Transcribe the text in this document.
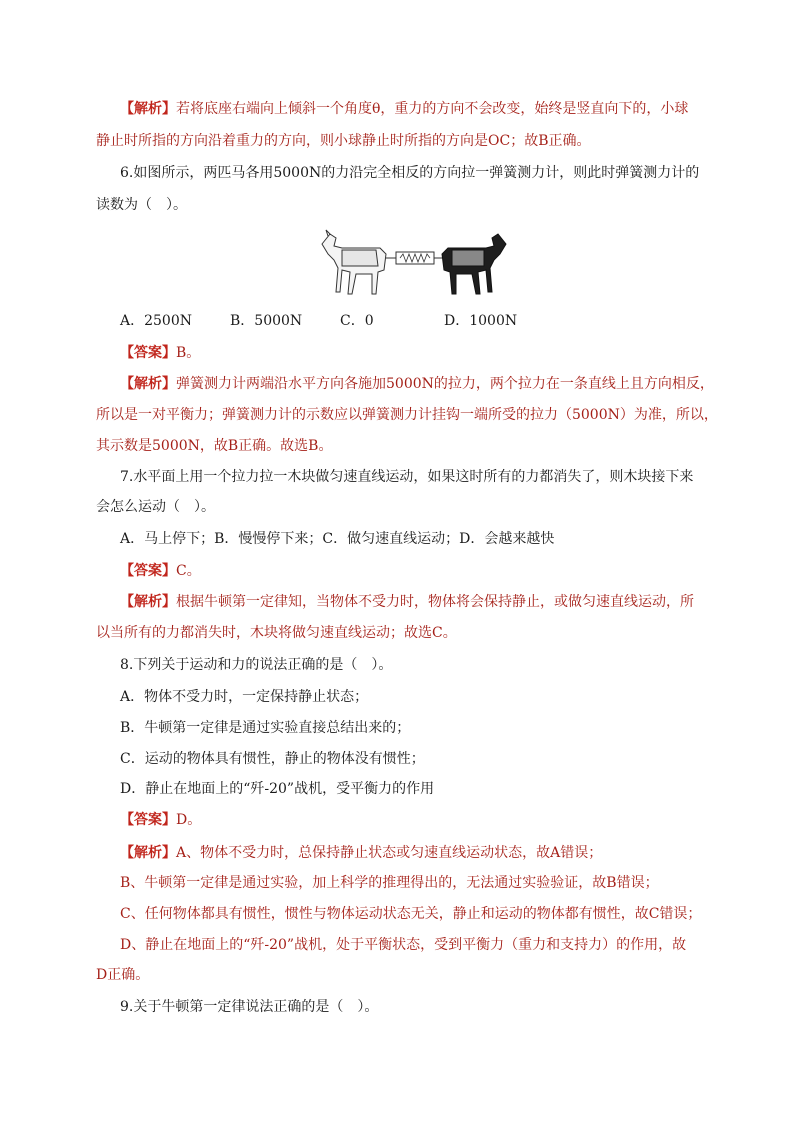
【解析】若将底座右端向上倾斜一个角度θ，重力的方向不会改变，始终是竖直向下的，小球
静止时所指的方向沿着重力的方向，则小球静止时所指的方向是OC；故B正确。
6.如图所示，两匹马各用5000N的力沿完全相反的方向拉一弹簧测力计，则此时弹簧测力计的
读数为（　）。
A．2500N	B．5000N	C．0	D．1000N
【答案】B。
【解析】弹簧测力计两端沿水平方向各施加5000N的拉力，两个拉力在一条直线上且方向相反，
所以是一对平衡力；弹簧测力计的示数应以弹簧测力计挂钩一端所受的拉力（5000N）为准，所以，
其示数是5000N，故B正确。故选B。
7.水平面上用一个拉力拉一木块做匀速直线运动，如果这时所有的力都消失了，则木块接下来
会怎么运动（　）。
A．马上停下；B．慢慢停下来；C．做匀速直线运动；D．会越来越快
【答案】C。
【解析】根据牛顿第一定律知，当物体不受力时，物体将会保持静止，或做匀速直线运动，所
以当所有的力都消失时，木块将做匀速直线运动；故选C。
8.下列关于运动和力的说法正确的是（　）。
A．物体不受力时，一定保持静止状态；
B．牛顿第一定律是通过实验直接总结出来的；
C．运动的物体具有惯性，静止的物体没有惯性；
D．静止在地面上的“歼-20”战机，受平衡力的作用
【答案】D。
【解析】A、物体不受力时，总保持静止状态或匀速直线运动状态，故A错误；
B、牛顿第一定律是通过实验，加上科学的推理得出的，无法通过实验验证，故B错误；
C、任何物体都具有惯性，惯性与物体运动状态无关，静止和运动的物体都有惯性，故C错误；
D、静止在地面上的“歼-20”战机，处于平衡状态，受到平衡力（重力和支持力）的作用，故
D正确。
9.关于牛顿第一定律说法正确的是（　）。
